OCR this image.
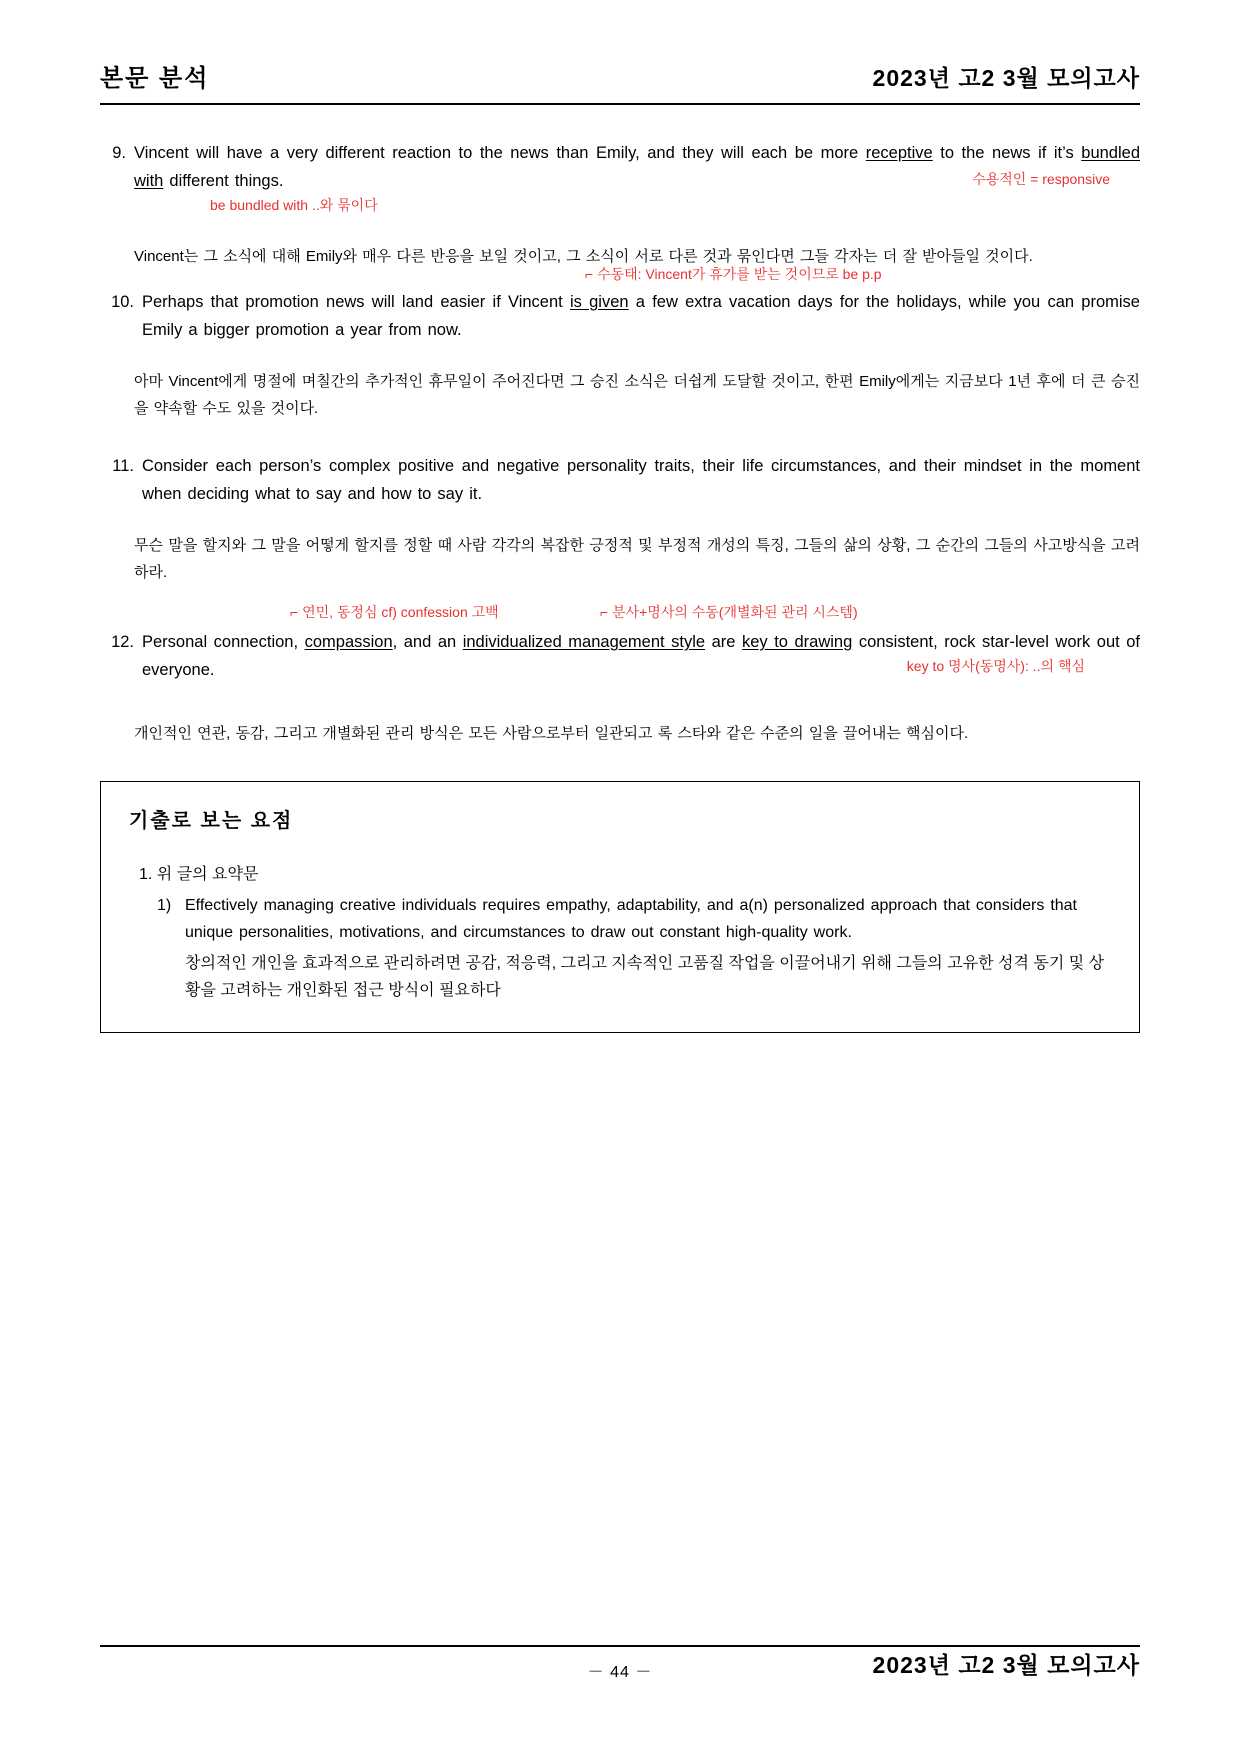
본문 분석	2023년 고2 3월 모의고사
9. Vincent will have a very different reaction to the news than Emily, and they will each be more receptive to the news if it’s bundled with different things.	수용적인 = responsive
be bundled with ..와 묶이다
Vincent는 그 소식에 대해 Emily와 매우 다른 반응을 보일 것이고, 그 소식이 서로 다른 것과 묶인다면 그들 각자는 더 잘 받아들일 것이다.
⌐ 수동태: Vincent가 휴가를 받는 것이므로 be p.p
10. Perhaps that promotion news will land easier if Vincent is given a few extra vacation days for the holidays, while you can promise Emily a bigger promotion a year from now.
아마 Vincent에게 명절에 며칠간의 추가적인 휴무일이 주어진다면 그 승진 소식은 더쉽게 도달할 것이고, 한편 Emily에게는 지금보다 1년 후에 더 큰 승진을 약속할 수도 있을 것이다.
11. Consider each person’s complex positive and negative personality traits, their life circumstances, and their mindset in the moment when deciding what to say and how to say it.
무슨 말을 할지와 그 말을 어떻게 할지를 정할 때 사람 각각의 복잡한 긍정적 및 부정적 개성의 특징, 그들의 삶의 상황, 그 순간의 그들의 사고방식을 고려하라.
⌐ 연민, 동정심 cf) confession 고백	⌐ 분사+명사의 수동(개별화된 관리 시스템)
12. Personal connection, compassion, and an individualized management style are key to drawing consistent, rock star-level work out of everyone.	key to 명사(동명사): ..의 핵심
개인적인 연관, 동감, 그리고 개별화된 관리 방식은 모든 사람으로부터 일관되고 록 스타와 같은 수준의 일을 끌어내는 핵심이다.
기출로 보는 요점
1. 위 글의 요약문
1) Effectively managing creative individuals requires empathy, adaptability, and a(n) personalized approach that considers that unique personalities, motivations, and circumstances to draw out constant high-quality work.
창의적인 개인을 효과적으로 관리하려면 공감, 적응력, 그리고 지속적인 고품질 작업을 이끌어내기 위해 그들의 고유한 성격 동기 및 상황을 고려하는 개인화된 접근 방식이 필요하다
－ 44 －	2023년 고2 3월 모의고사
